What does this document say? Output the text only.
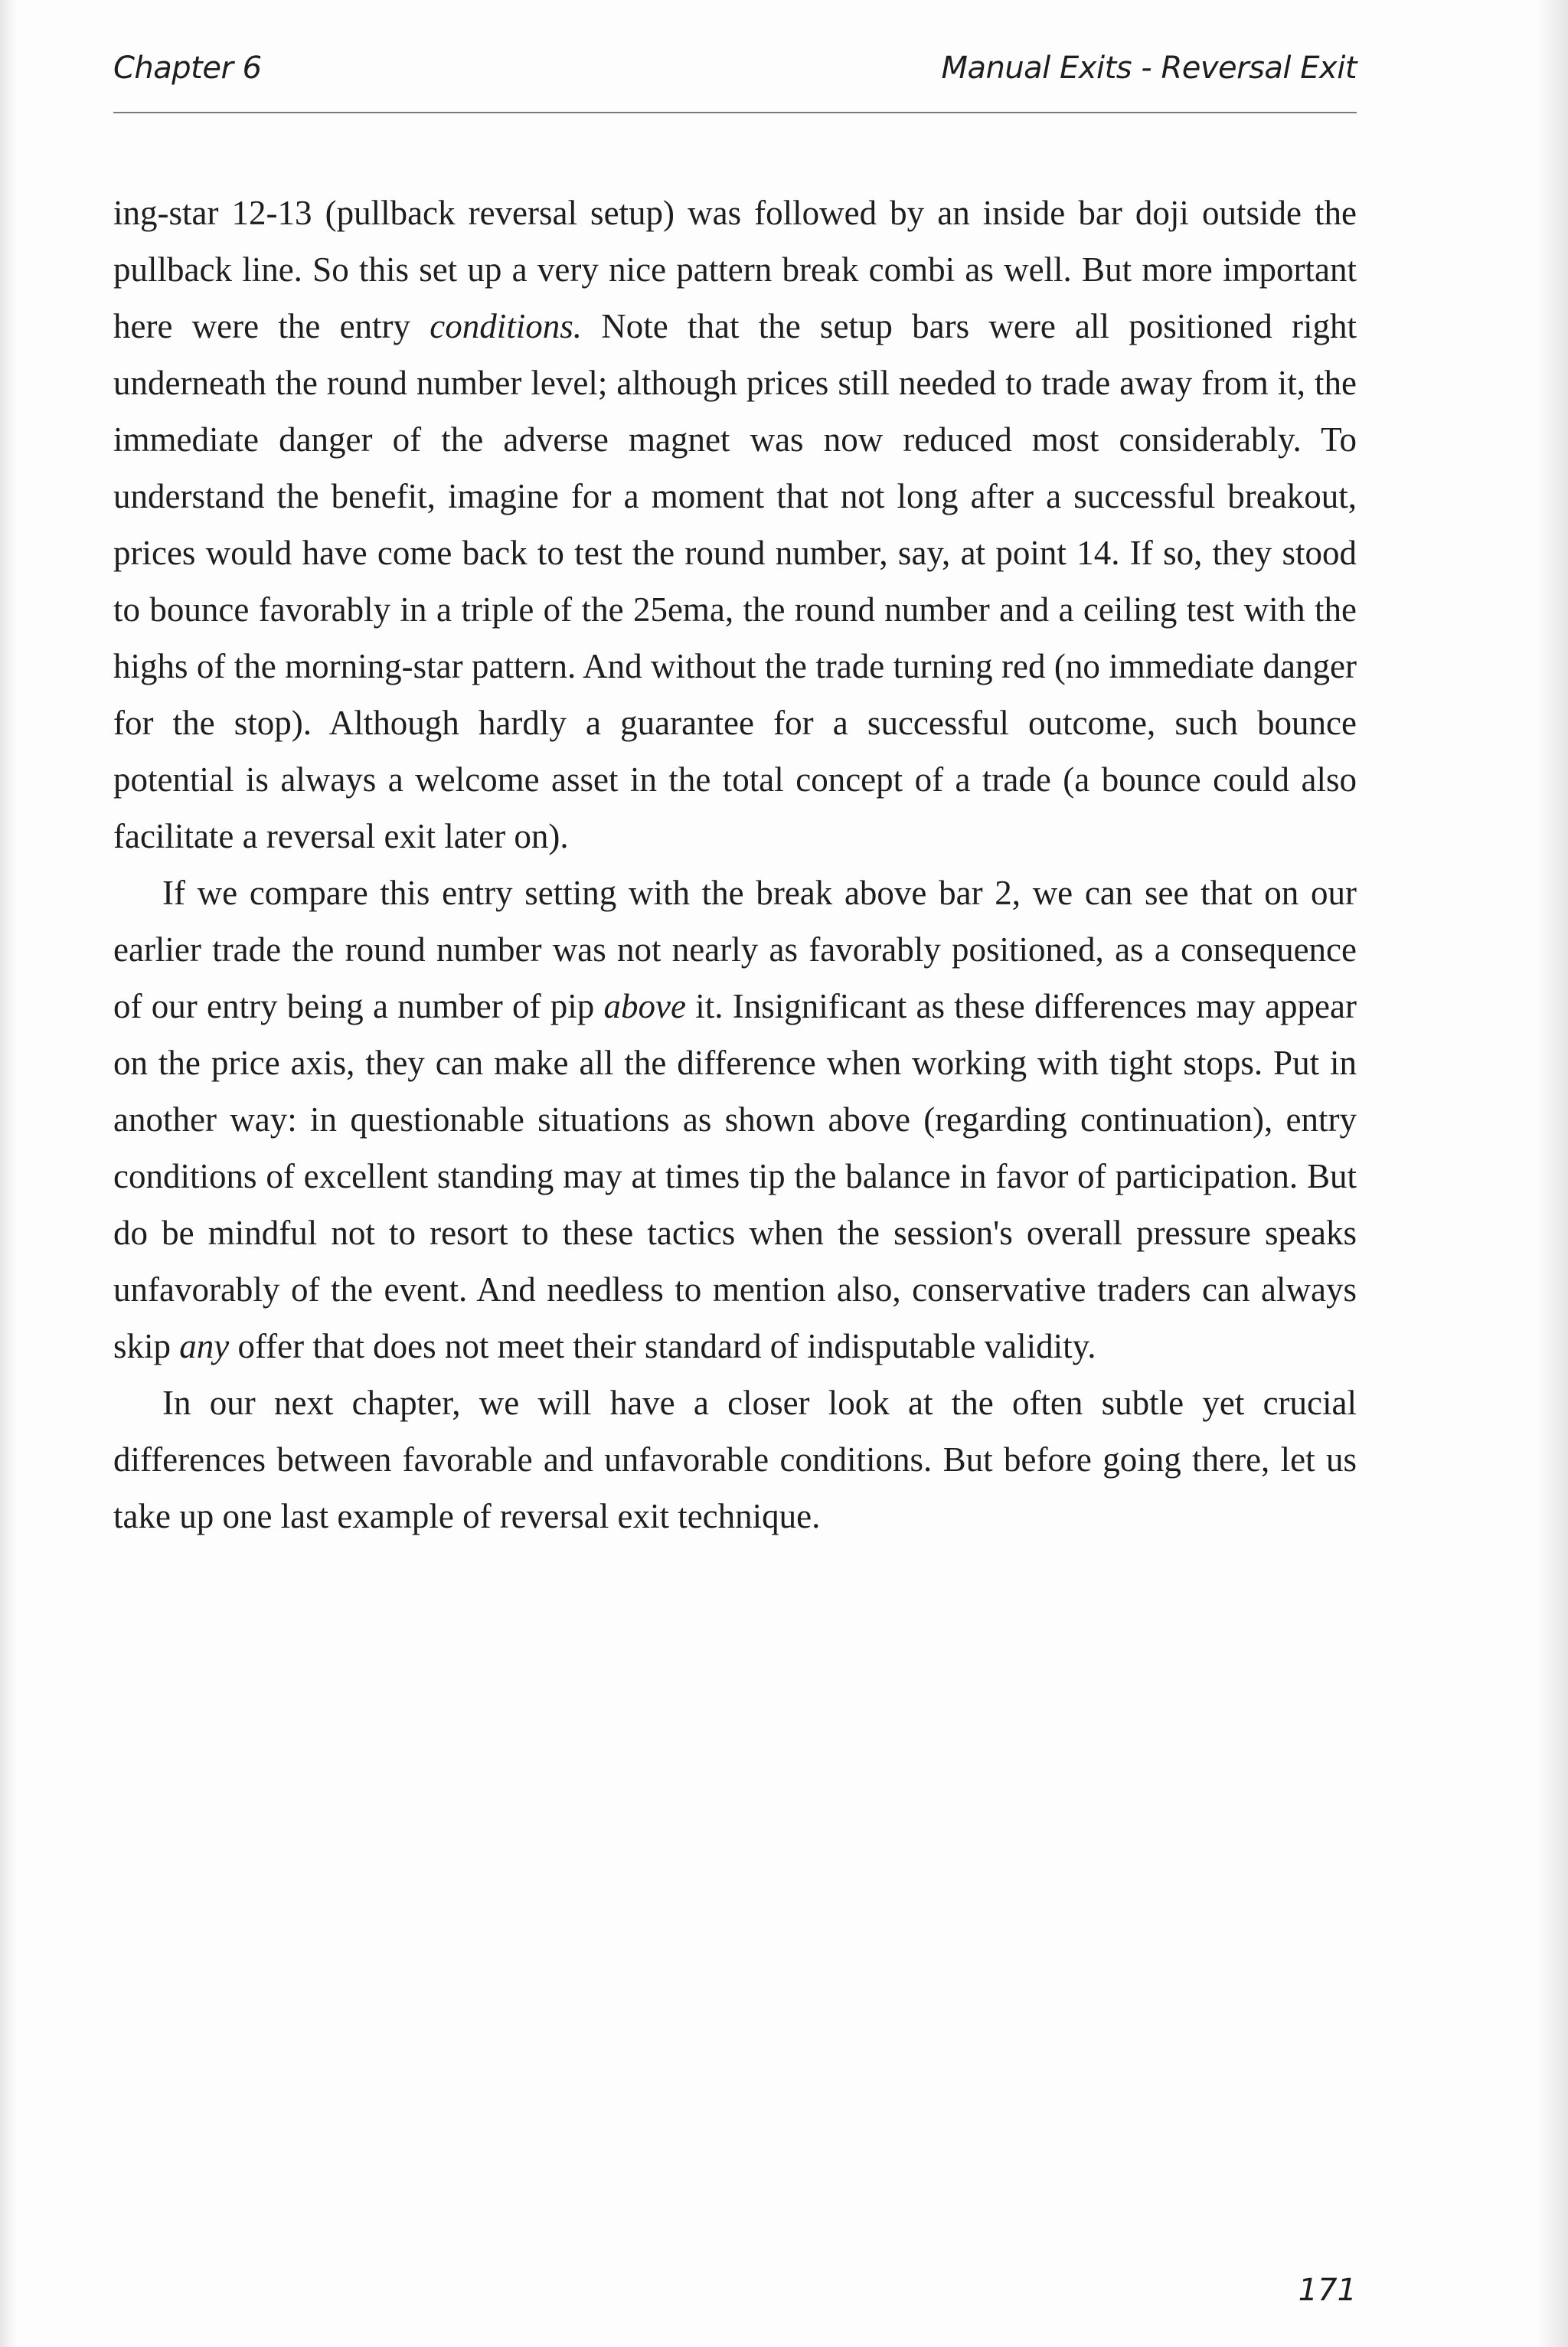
Chapter 6	Manual Exits - Reversal Exit

ing-star 12-13 (pullback reversal setup) was followed by an inside bar doji outside the pullback line. So this set up a very nice pattern break combi as well. But more important here were the entry conditions. Note that the setup bars were all positioned right underneath the round number level; although prices still needed to trade away from it, the immediate danger of the adverse magnet was now reduced most considerably. To understand the benefit, imagine for a moment that not long after a successful breakout, prices would have come back to test the round number, say, at point 14. If so, they stood to bounce favorably in a triple of the 25ema, the round number and a ceiling test with the highs of the morning-star pattern. And without the trade turning red (no immediate danger for the stop). Although hardly a guarantee for a successful outcome, such bounce potential is always a welcome asset in the total concept of a trade (a bounce could also facilitate a reversal exit later on).

If we compare this entry setting with the break above bar 2, we can see that on our earlier trade the round number was not nearly as favorably positioned, as a consequence of our entry being a number of pip above it. Insignificant as these differences may appear on the price axis, they can make all the difference when working with tight stops. Put in another way: in questionable situations as shown above (regarding continuation), entry conditions of excellent standing may at times tip the balance in favor of participation. But do be mindful not to resort to these tactics when the session's overall pressure speaks unfavorably of the event. And needless to mention also, conservative traders can always skip any offer that does not meet their standard of indisputable validity.

In our next chapter, we will have a closer look at the often subtle yet crucial differences between favorable and unfavorable conditions. But before going there, let us take up one last example of reversal exit technique.

171
